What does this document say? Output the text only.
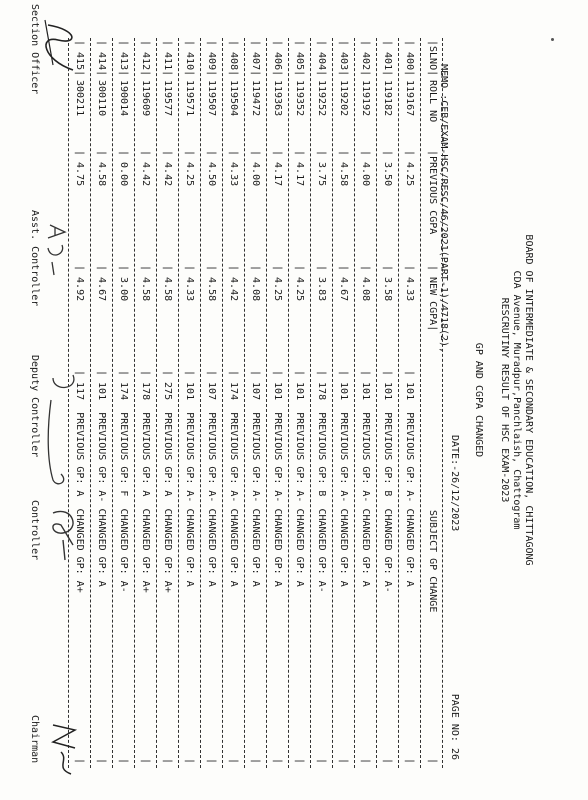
BOARD OF INTERMEDIATE & SECONDARY EDUCATION, CHITTAGONG
CDA Avenue, Muradpur,Panchlaish, Chattogram
RESCRUTINY RESULT OF HSC EXAM-2023
GP AND CGPA CHANGED

MEMO :CEB/EXAM-HSC/RESC/46/2021(PART-1)/4718(2),

DATE:-26/12/2023

PAGE NO: 26

|SLNO|

ROLL NO

|PREVIOUS CGPA

| NEW CGPA|

SUBJECT GP CHANGE

|

| 400|
119167
| 4.25
| 4.33
| 101  PREVIOUS GP: A- CHANGED GP: A
|
| 401|
119182
| 3.50
| 3.58
| 101  PREVIOUS GP: B  CHANGED GP: A-
|
| 402|
119192
| 4.00
| 4.08
| 101  PREVIOUS GP: A- CHANGED GP: A
|
| 403|
119202
| 4.58
| 4.67
| 101  PREVIOUS GP: A- CHANGED GP: A
|
| 404|
119252
| 3.75
| 3.83
| 178  PREVIOUS GP: B  CHANGED GP: A-
|
| 405|
119352
| 4.17
| 4.25
| 101  PREVIOUS GP: A- CHANGED GP: A
|
| 406|
119363
| 4.17
| 4.25
| 101  PREVIOUS GP: A- CHANGED GP: A
|
| 407|
119472
| 4.00
| 4.08
| 107  PREVIOUS GP: A- CHANGED GP: A
|
| 408|
119504
| 4.33
| 4.42
| 174  PREVIOUS GP: A- CHANGED GP: A
|
| 409|
119507
| 4.50
| 4.58
| 107  PREVIOUS GP: A- CHANGED GP: A
|
| 410|
119571
| 4.25
| 4.33
| 101  PREVIOUS GP: A- CHANGED GP: A
|
| 411|
119577
| 4.42
| 4.58
| 275  PREVIOUS GP: A  CHANGED GP: A+
|
| 412|
119609
| 4.42
| 4.58
| 178  PREVIOUS GP: A  CHANGED GP: A+
|
| 413|
190014
| 0.00
| 3.00
| 174  PREVIOUS GP: F  CHANGED GP: A-
|
| 414|
300110
| 4.58
| 4.67
| 101  PREVIOUS GP: A- CHANGED GP: A
|
| 415|
300211
| 4.75
| 4.92
| 117  PREVIOUS GP: A  CHANGED GP: A+
|
Section Officer
Asst. Controller
Deputy Controller
Controller
Chairman
